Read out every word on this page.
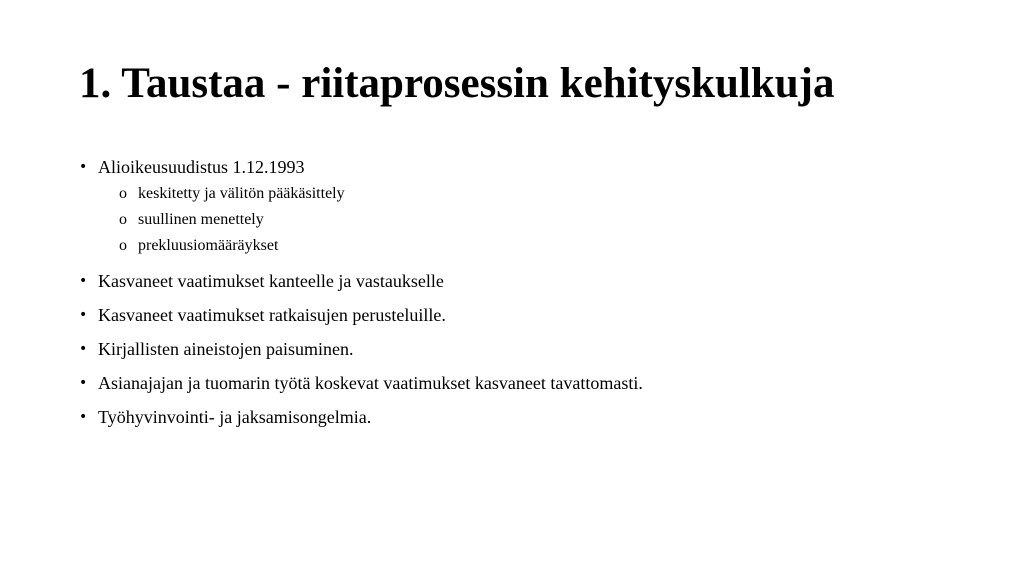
1. Taustaa - riitaprosessin kehityskulkuja
• Alioikeusuudistus 1.12.1993
o keskitetty ja välitön pääkäsittely
o suullinen menettely
o prekluusiomääräykset
• Kasvaneet vaatimukset kanteelle ja vastaukselle
• Kasvaneet vaatimukset ratkaisujen perusteluille.
• Kirjallisten aineistojen paisuminen.
• Asianajajan ja tuomarin työtä koskevat vaatimukset kasvaneet tavattomasti.
• Työhyvinvointi- ja jaksamisongelmia.
